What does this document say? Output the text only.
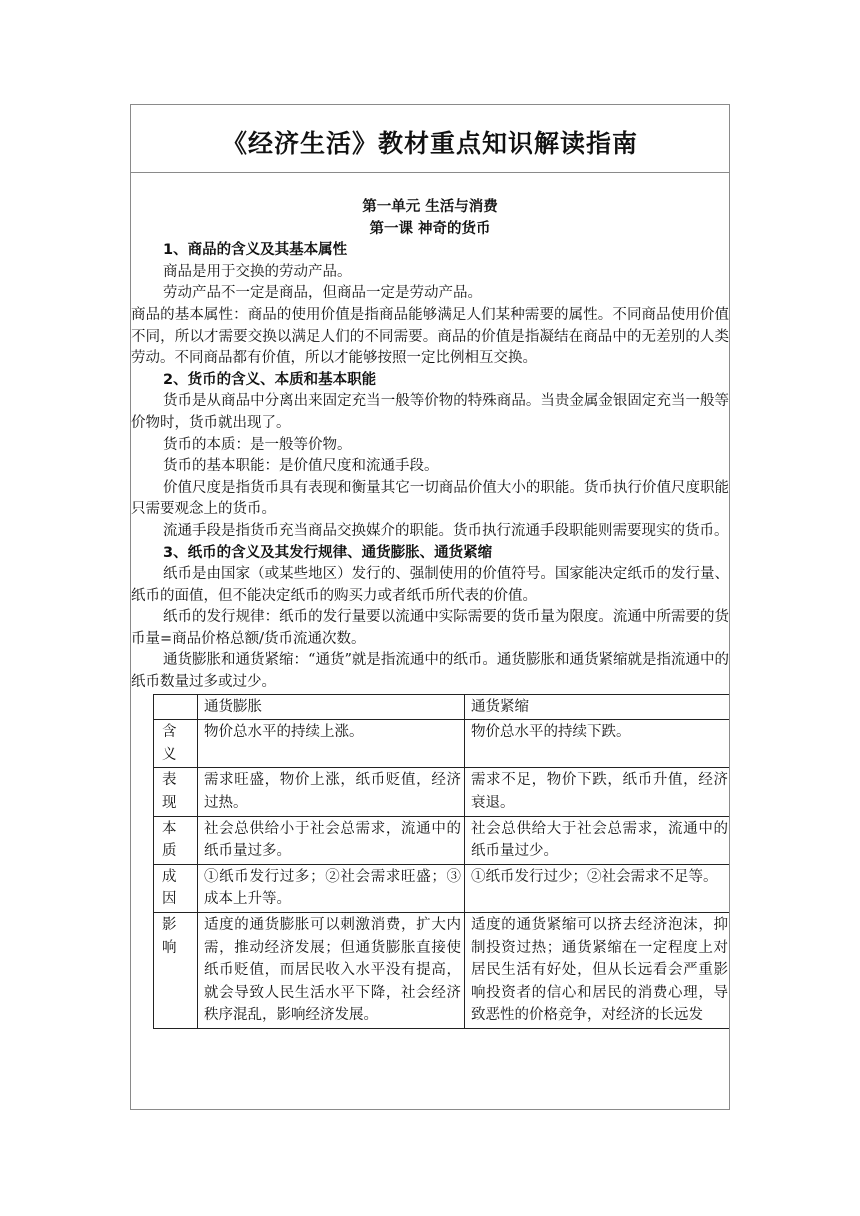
《经济生活》教材重点知识解读指南
第一单元 生活与消费
第一课 神奇的货币
1、商品的含义及其基本属性

商品是用于交换的劳动产品。

劳动产品不一定是商品，但商品一定是劳动产品。

商品的基本属性：商品的使用价值是指商品能够满足人们某种需要的属性。不同商品使用价值不同，所以才需要交换以满足人们的不同需要。商品的价值是指凝结在商品中的无差别的人类劳动。不同商品都有价值，所以才能够按照一定比例相互交换。

2、货币的含义、本质和基本职能

货币是从商品中分离出来固定充当一般等价物的特殊商品。当贵金属金银固定充当一般等价物时，货币就出现了。

货币的本质：是一般等价物。

货币的基本职能：是价值尺度和流通手段。

价值尺度是指货币具有表现和衡量其它一切商品价值大小的职能。货币执行价值尺度职能只需要观念上的货币。

流通手段是指货币充当商品交换媒介的职能。货币执行流通手段职能则需要现实的货币。

3、纸币的含义及其发行规律、通货膨胀、通货紧缩

纸币是由国家（或某些地区）发行的、强制使用的价值符号。国家能决定纸币的发行量、纸币的面值，但不能决定纸币的购买力或者纸币所代表的价值。

纸币的发行规律：纸币的发行量要以流通中实际需要的货币量为限度。流通中所需要的货币量=商品价格总额/货币流通次数。

通货膨胀和通货紧缩：“通货”就是指流通中的纸币。通货膨胀和通货紧缩就是指流通中的纸币数量过多或过少。

	通货膨胀	通货紧缩
含义	物价总水平的持续上涨。	物价总水平的持续下跌。
表现	需求旺盛，物价上涨，纸币贬值，经济过热。	需求不足，物价下跌，纸币升值，经济衰退。
本质	社会总供给小于社会总需求，流通中的纸币量过多。	社会总供给大于社会总需求，流通中的纸币量过少。
成因	①纸币发行过多；②社会需求旺盛；③成本上升等。	①纸币发行过少；②社会需求不足等。
影响	适度的通货膨胀可以刺激消费，扩大内需，推动经济发展；但通货膨胀直接使纸币贬值，而居民收入水平没有提高，就会导致人民生活水平下降，社会经济秩序混乱，影响经济发展。	适度的通货紧缩可以挤去经济泡沫，抑制投资过热；通货紧缩在一定程度上对居民生活有好处，但从长远看会严重影响投资者的信心和居民的消费心理，导致恶性的价格竞争，对经济的长远发
